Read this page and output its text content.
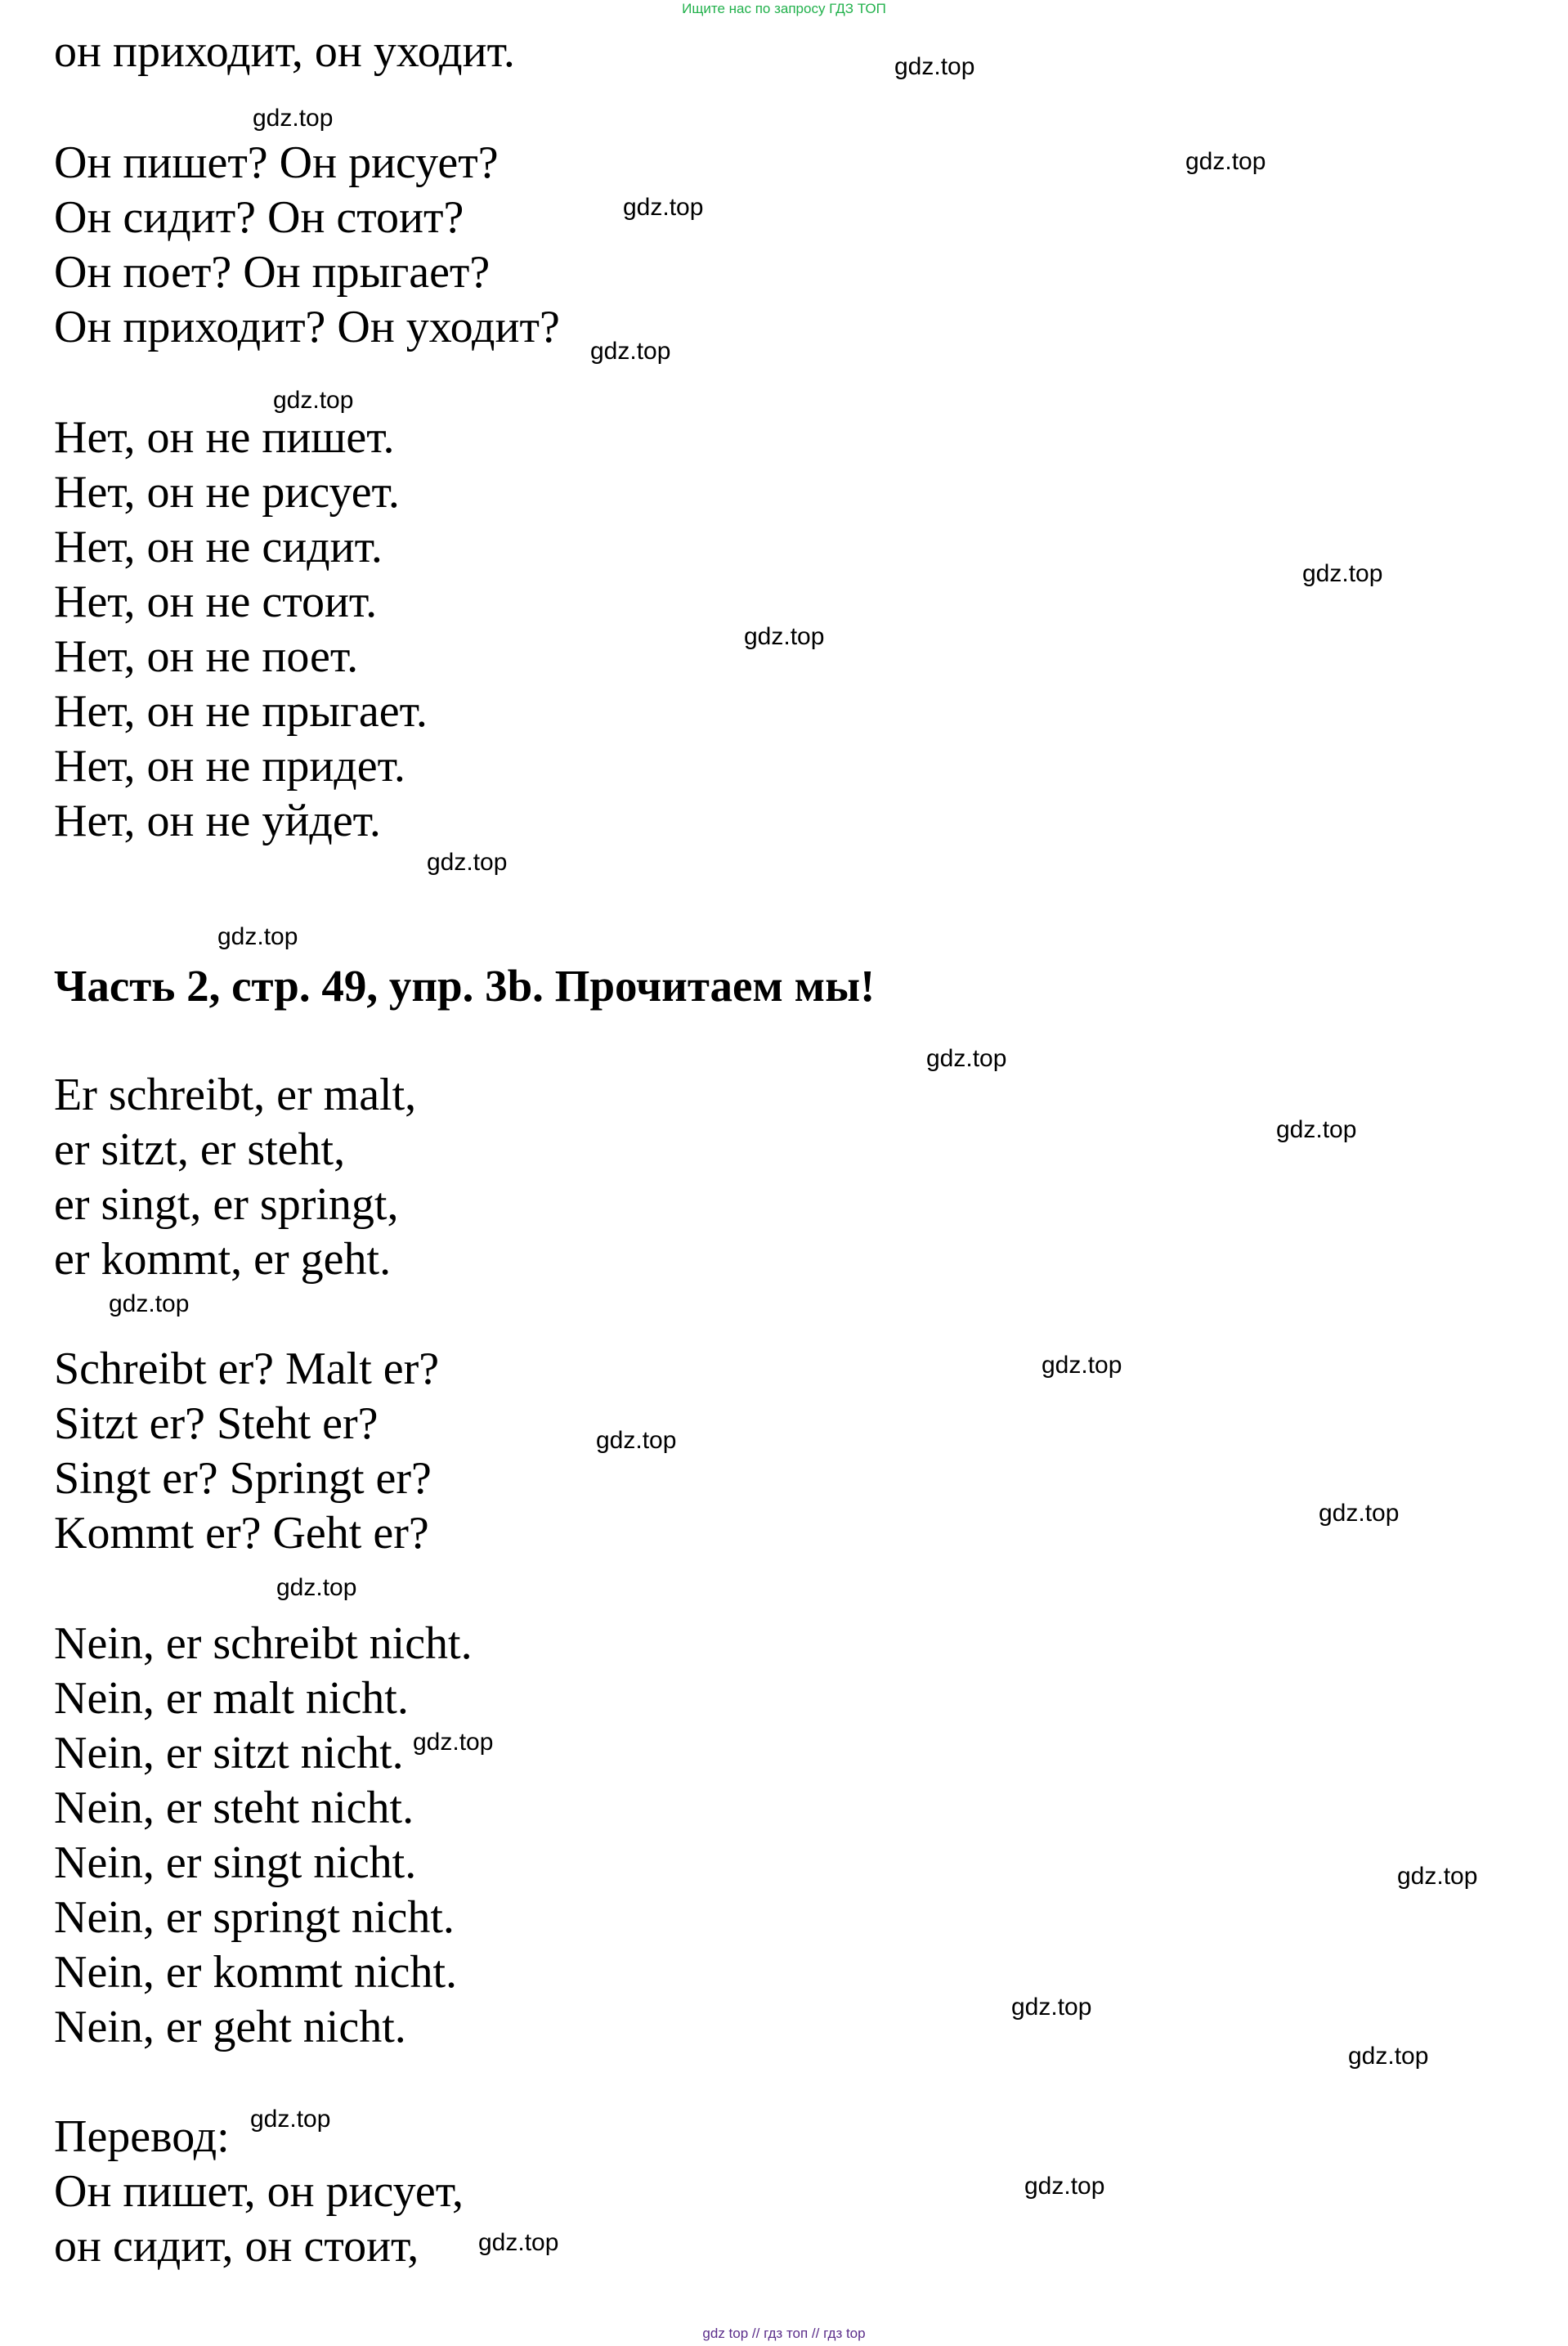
Ищите нас по запросу ГДЗ ТОП
он приходит, он уходит.
Он пишет? Он рисует?
Он сидит? Он стоит?
Он поет? Он прыгает?
Он приходит? Он уходит?
Нет, он не пишет.
Нет, он не рисует.
Нет, он не сидит.
Нет, он не стоит.
Нет, он не поет.
Нет, он не прыгает.
Нет, он не придет.
Нет, он не уйдет.
Часть 2, стр. 49, упр. 3b. Прочитаем мы!
Er schreibt, er malt,
er sitzt, er steht,
er singt, er springt,
er kommt, er geht.
Schreibt er? Malt er?
Sitzt er? Steht er?
Singt er? Springt er?
Kommt er? Geht er?
Nein, er schreibt nicht.
Nein, er malt nicht.
Nein, er sitzt nicht.
Nein, er steht nicht.
Nein, er singt nicht.
Nein, er springt nicht.
Nein, er kommt nicht.
Nein, er geht nicht.
Перевод:
Он пишет, он рисует,
он сидит, он стоит,
gdz.top
gdz.top
gdz.top
gdz.top
gdz.top
gdz.top
gdz.top
gdz.top
gdz.top
gdz.top
gdz.top
gdz.top
gdz.top
gdz.top
gdz.top
gdz.top
gdz.top
gdz.top
gdz.top
gdz.top
gdz.top
gdz.top
gdz.top
gdz.top
gdz top // гдз топ // гдз top
